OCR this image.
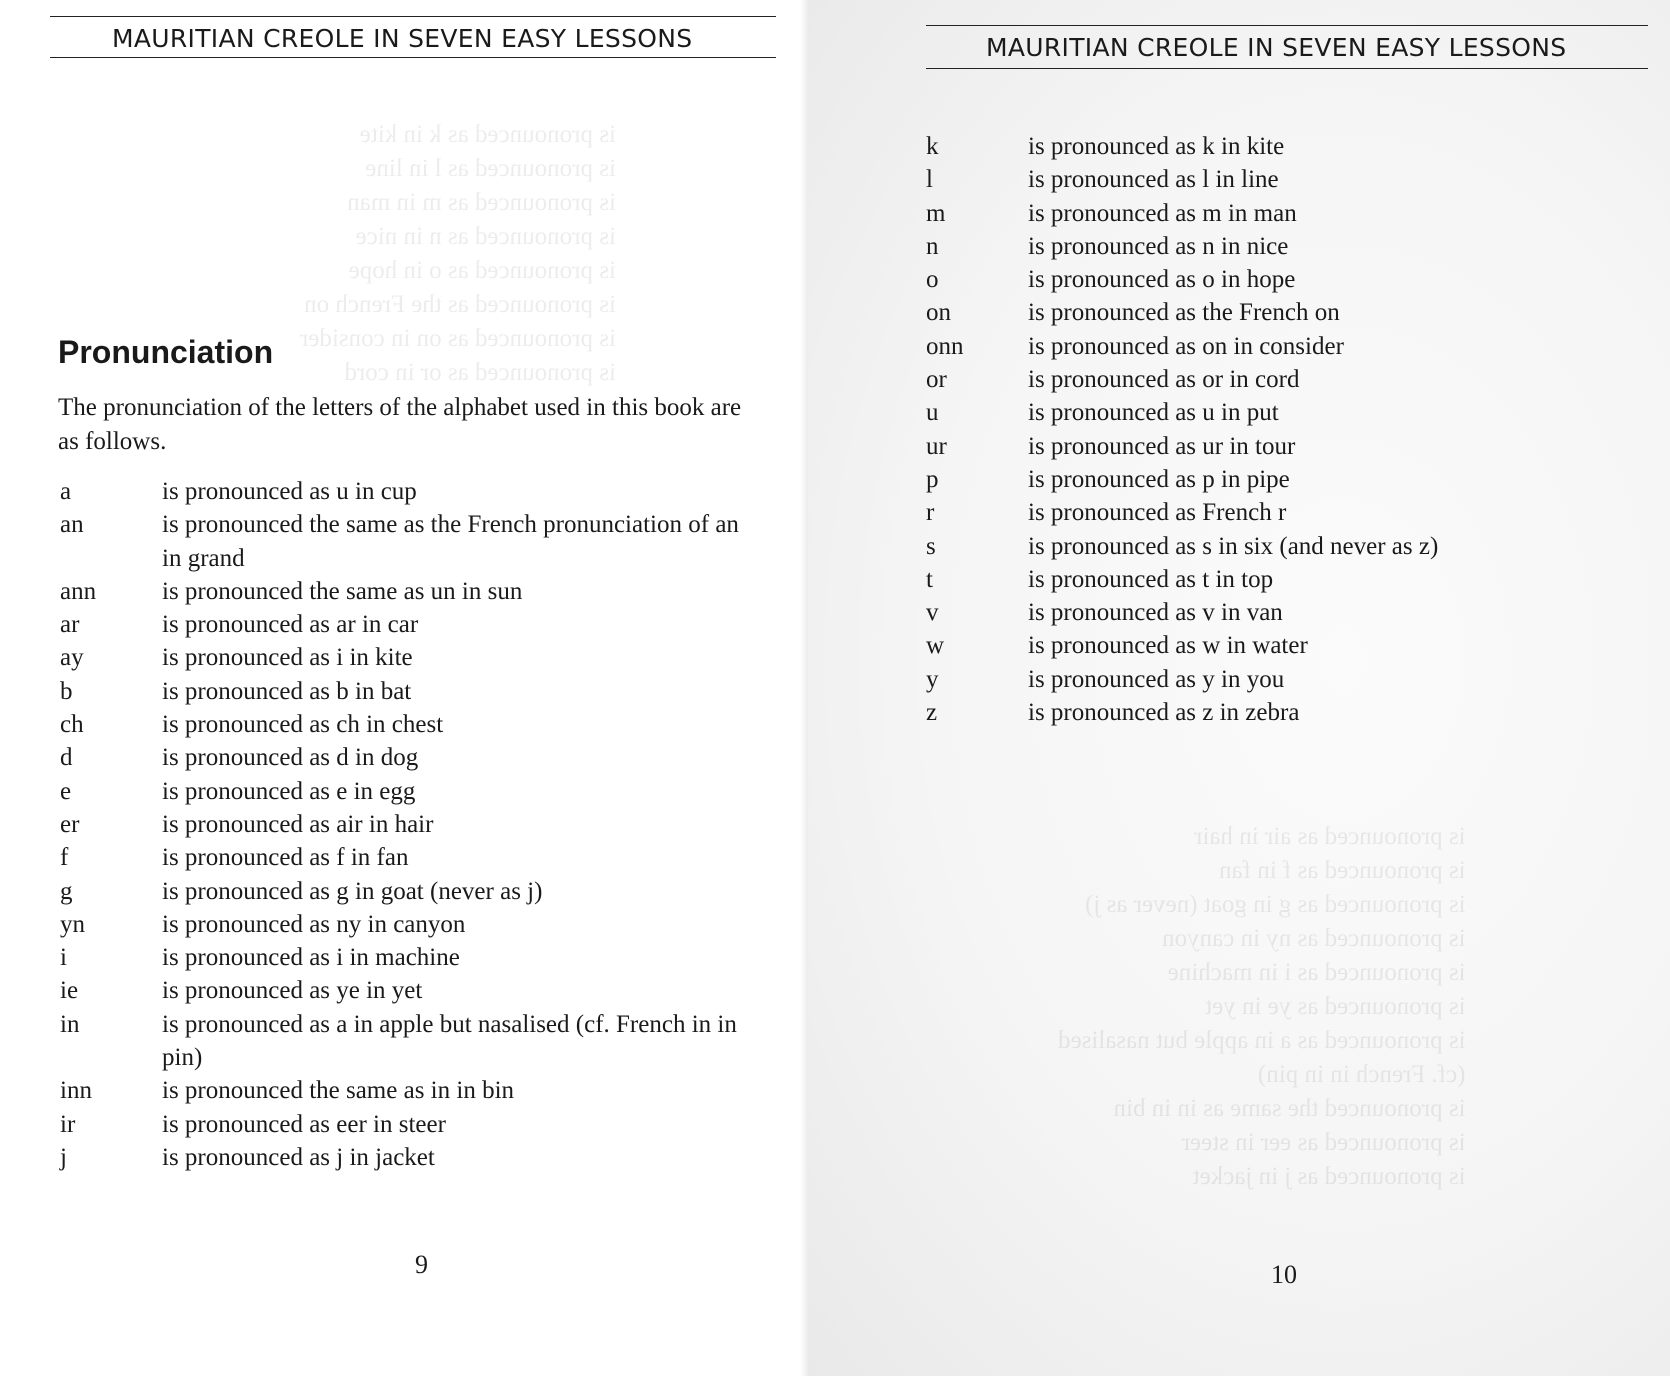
MAURITIAN CREOLE IN SEVEN EASY LESSONS
is pronounced as k in kite
is pronounced as l in line
is pronounced as m in man
is pronounced as n in nice
is pronounced as o in hope
is pronounced as the French on
is pronounced as on in consider
is pronounced as or in cord
Pronunciation

The pronunciation of the letters of the alphabet used in this book are as follows.

a	is pronounced as u in cup
an	is pronounced the same as the French pronunciation of an in grand
ann	is pronounced the same as un in sun
ar	is pronounced as ar in car
ay	is pronounced as i in kite
b	is pronounced as b in bat
ch	is pronounced as ch in chest
d	is pronounced as d in dog
e	is pronounced as e in egg
er	is pronounced as air in hair
f	is pronounced as f in fan
g	is pronounced as g in goat (never as j)
yn	is pronounced as ny in canyon
i	is pronounced as i in machine
ie	is pronounced as ye in yet
in	is pronounced as a in apple but nasalised (cf. French in in pin)
inn	is pronounced the same as in in bin
ir	is pronounced as eer in steer
j	is pronounced as j in jacket
9
MAURITIAN CREOLE IN SEVEN EASY LESSONS
is pronounced as air in hair
is pronounced as f in fan
is pronounced as g in goat (never as j)
is pronounced as ny in canyon
is pronounced as i in machine
is pronounced as ye in yet
is pronounced as a in apple but nasalised
(cf. French in in pin)
is pronounced the same as in in bin
is pronounced as eer in steer
is pronounced as j in jacket
10
k	is pronounced as k in kite
l	is pronounced as l in line
m	is pronounced as m in man
n	is pronounced as n in nice
o	is pronounced as o in hope
on	is pronounced as the French on
onn	is pronounced as on in consider
or	is pronounced as or in cord
u	is pronounced as u in put
ur	is pronounced as ur in tour
p	is pronounced as p in pipe
r	is pronounced as French r
s	is pronounced as s in six (and never as z)
t	is pronounced as t in top
v	is pronounced as v in van
w	is pronounced as w in water
y	is pronounced as y in you
z	is pronounced as z in zebra
